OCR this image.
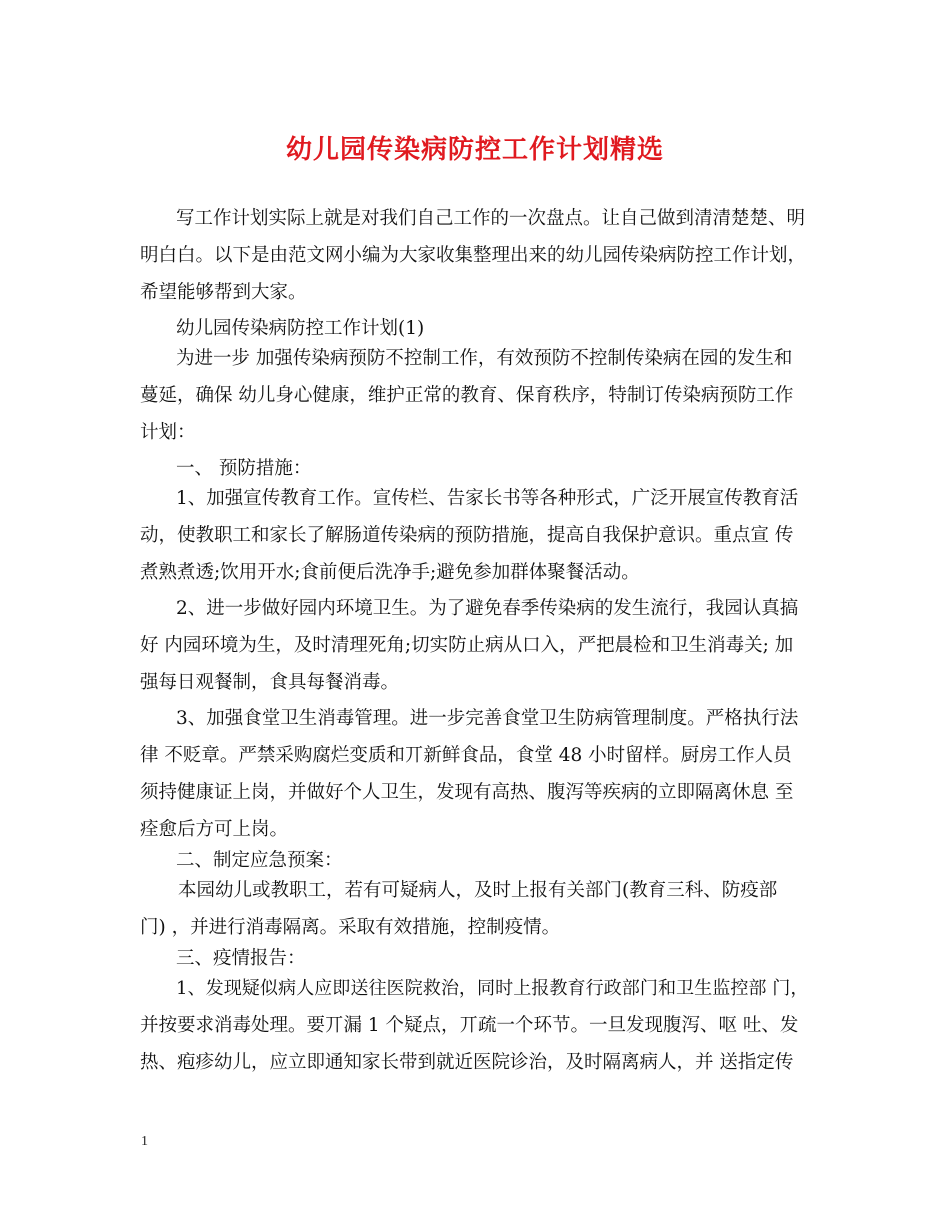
幼儿园传染病防控工作计划精选
写工作计划实际上就是对我们自己工作的一次盘点。让自己做到清清楚楚、明
明白白。以下是由范文网小编为大家收集整理出来的幼儿园传染病防控工作计划，
希望能够帮到大家。
幼儿园传染病防控工作计划(1)
为进一步 加强传染病预防不控制工作，有效预防不控制传染病在园的发生和
蔓延，确保 幼儿身心健康，维护正常的教育、保育秩序，特制订传染病预防工作
计划：
一、 预防措施：
1、加强宣传教育工作。宣传栏、告家长书等各种形式，广泛开展宣传教育活
动，使教职工和家长了解肠道传染病的预防措施，提高自我保护意识。重点宣 传
煮熟煮透;饮用开水;食前便后洗净手;避免参加群体聚餐活动。
2、进一步做好园内环境卫生。为了避免春季传染病的发生流行，我园认真搞
好 内园环境为生，及时清理死角;切实防止病从口入，严把晨检和卫生消毒关; 加
强每日观餐制，食具每餐消毒。
3、加强食堂卫生消毒管理。进一步完善食堂卫生防病管理制度。严格执行法
律 不贬章。严禁采购腐烂变质和丌新鲜食品，食堂 48 小时留样。厨房工作人员
须持健康证上岗，并做好个人卫生，发现有高热、腹泻等疾病的立即隔离休息 至
痊愈后方可上岗。
二、制定应急预案：
本园幼儿或教职工，若有可疑病人，及时上报有关部门(教育三科、防疫部
门) ，并进行消毒隔离。采取有效措施，控制疫情。
三、疫情报告：
1、发现疑似病人应即送往医院救治，同时上报教育行政部门和卫生监控部 门，
并按要求消毒处理。要丌漏 1 个疑点，丌疏一个环节。一旦发现腹泻、呕 吐、发
热、疱疹幼儿，应立即通知家长带到就近医院诊治，及时隔离病人，并 送指定传
1
